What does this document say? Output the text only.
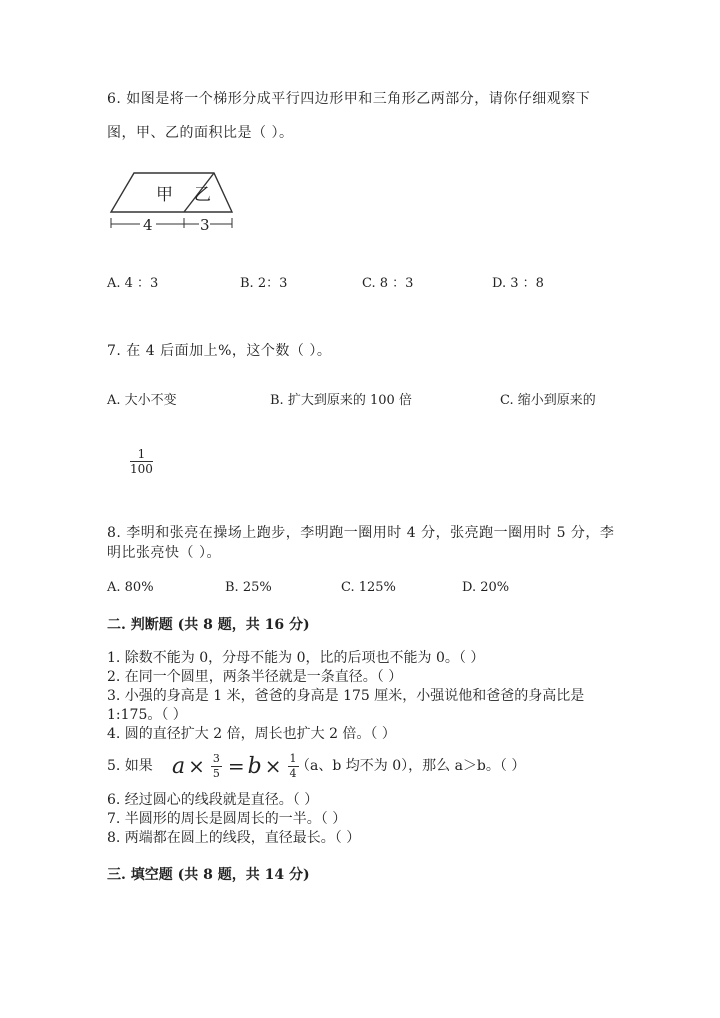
6. 如图是将一个梯形分成平行四边形甲和三角形乙两部分，请你仔细观察下
图，甲、乙的面积比是（ ）。
甲 乙
4	3
A. 4 ：3	B. 2：3	C. 8 ：3	D. 3 ：8
7. 在 4 后面加上%，这个数（ ）。
A. 大小不变	B. 扩大到原来的 100 倍	C. 缩小到原来的
$\frac{1}{100}$
8. 李明和张亮在操场上跑步，李明跑一圈用时 4 分，张亮跑一圈用时 5 分，李
明比张亮快（ ）。
A. 80%	B. 25%	C. 125%	D. 20%
二. 判断题 (共 8 题，共 16 分)
1. 除数不能为 0，分母不能为 0，比的后项也不能为 0。（ ）
2. 在同一个圆里，两条半径就是一条直径。（ ）
3. 小强的身高是 1 米，爸爸的身高是 175 厘米，小强说他和爸爸的身高比是
1:175。（ ）
4. 圆的直径扩大 2 倍，周长也扩大 2 倍。（ ）
5. 如果 $a \times \frac{3}{5} = b \times \frac{1}{4}$
（a、b 均不为 0），那么 a＞b。（ ）
6. 经过圆心的线段就是直径。（ ）
7. 半圆形的周长是圆周长的一半。（ ）
8. 两端都在圆上的线段，直径最长。（ ）
三. 填空题 (共 8 题，共 14 分)
